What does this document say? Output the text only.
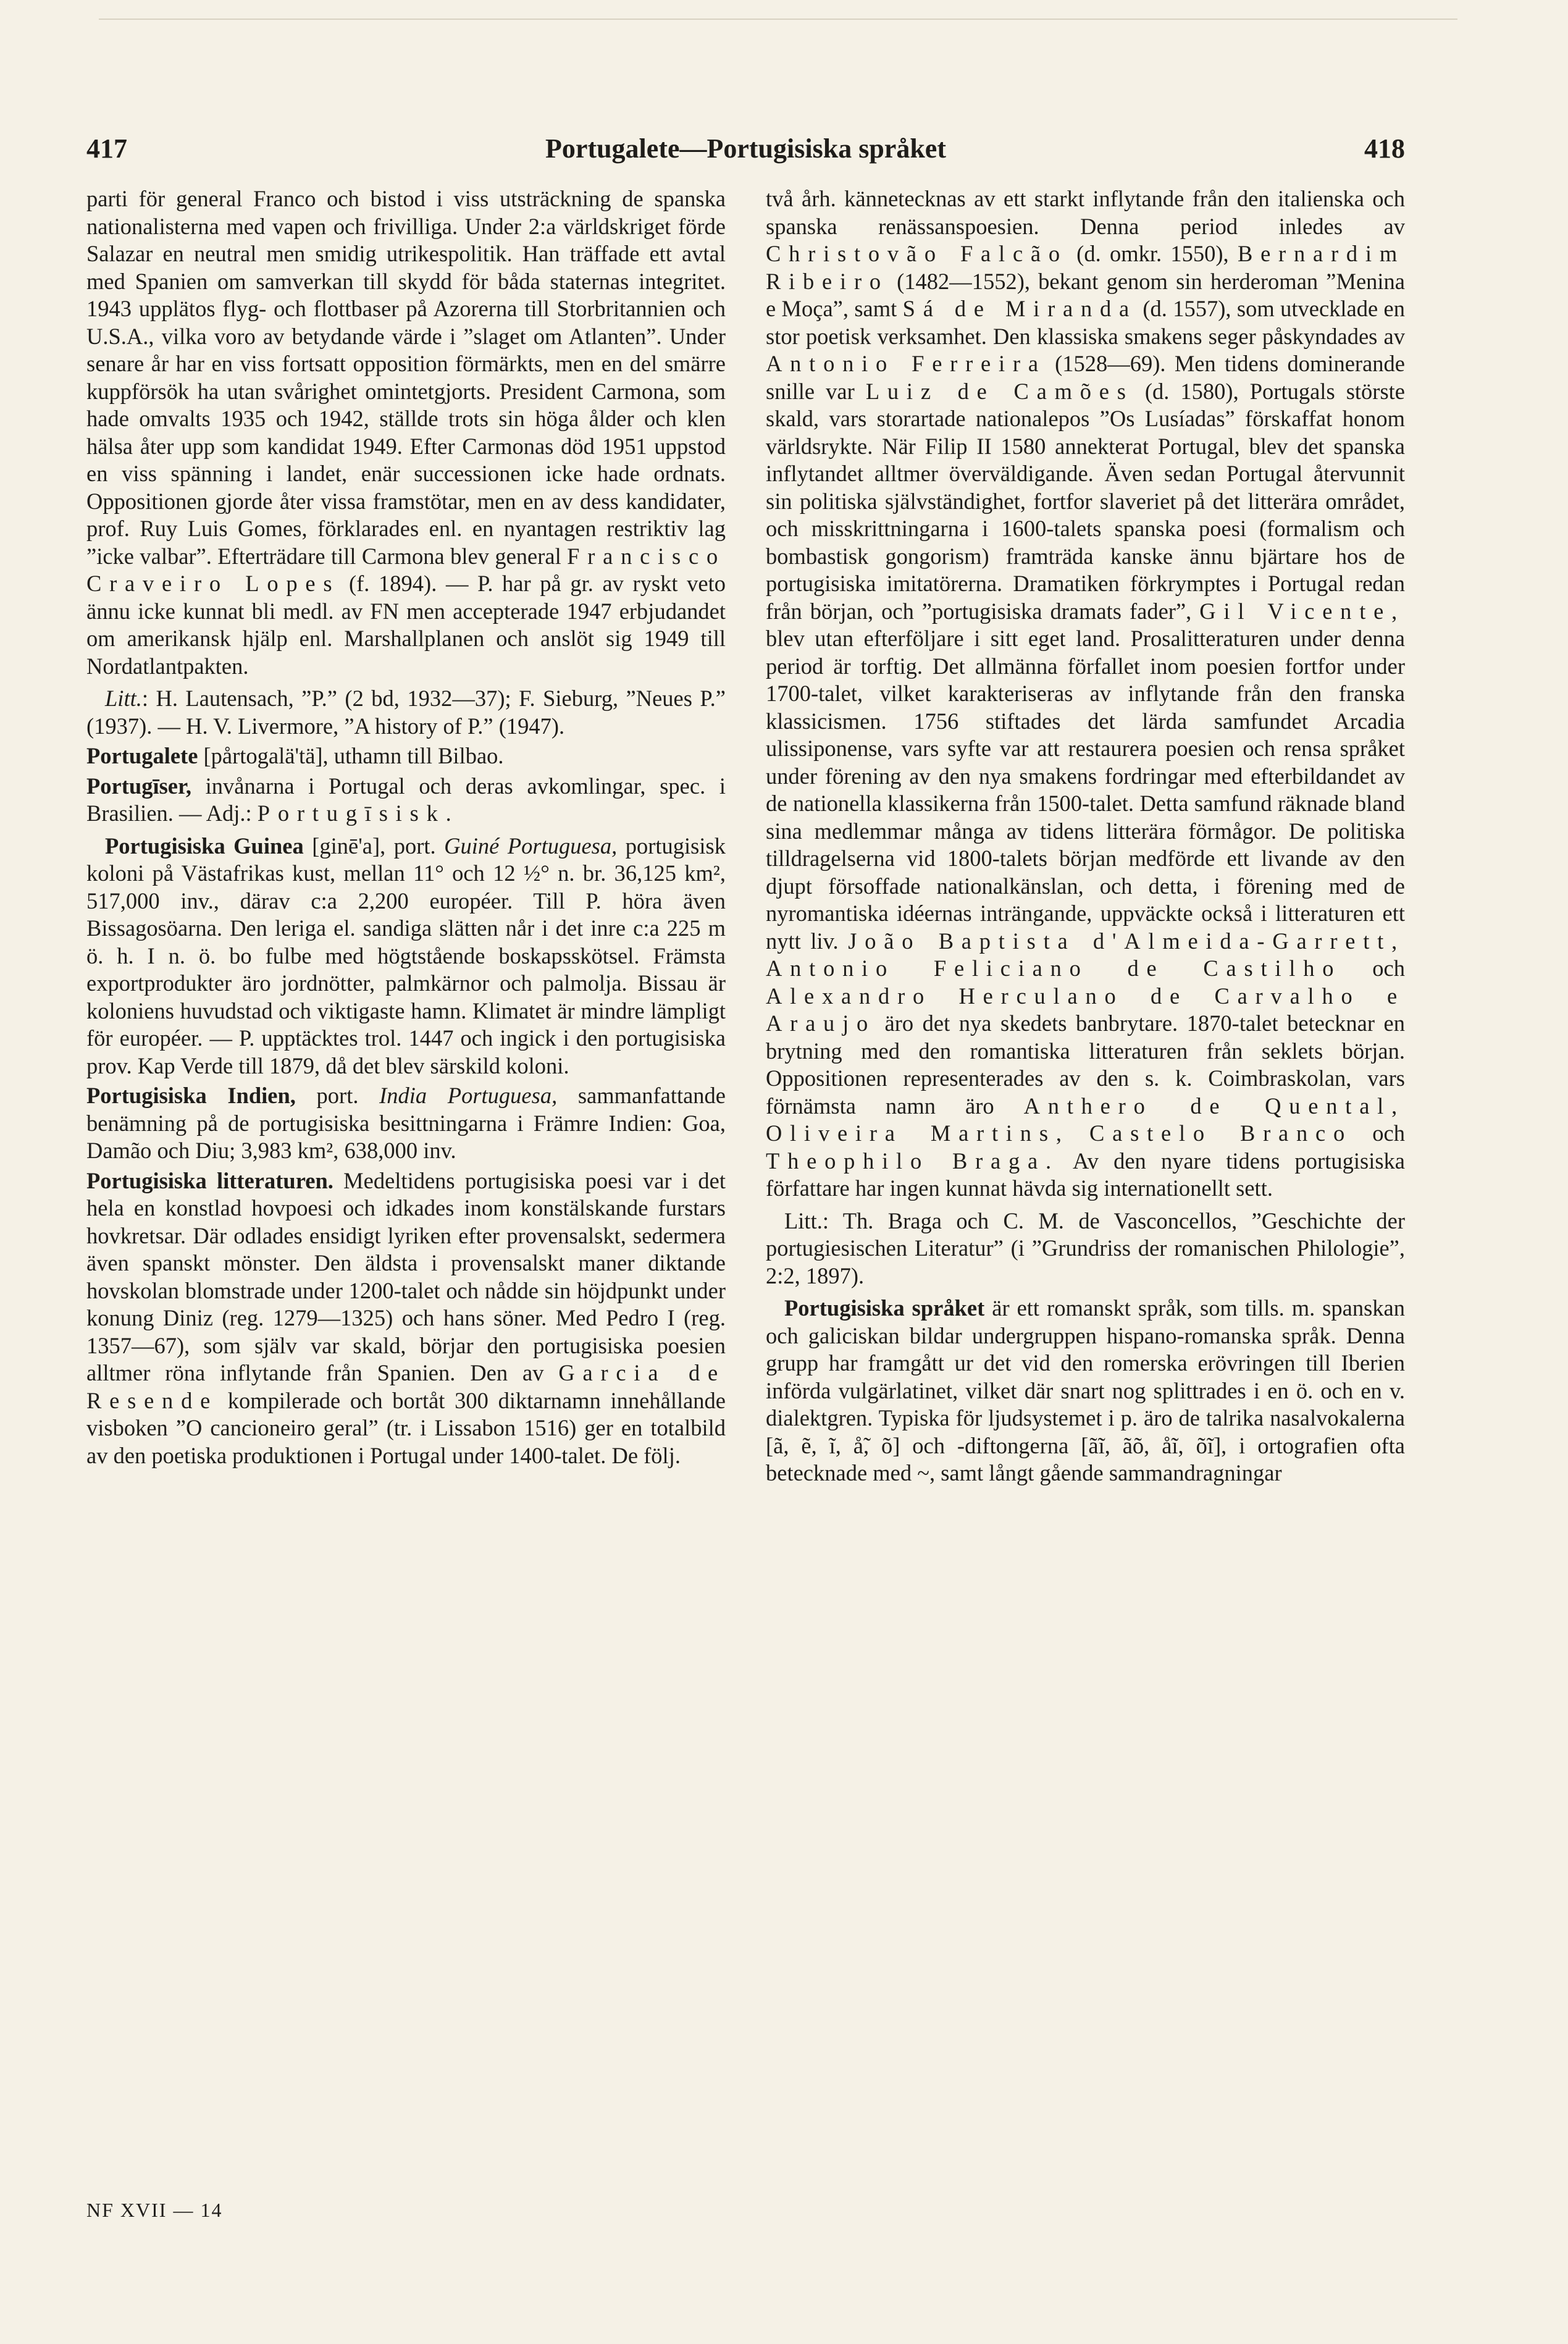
417	Portugalete—Portugisiska språket	418

parti för general Franco och bistod i viss utsträckning de spanska nationalisterna med vapen och frivilliga. Under 2:a världskriget förde Salazar en neutral men smidig utrikespolitik. Han träffade ett avtal med Spanien om samverkan till skydd för båda staternas integritet. 1943 upplätos flyg- och flottbaser på Azorerna till Storbritannien och U.S.A., vilka voro av betydande värde i ”slaget om Atlanten”. Under senare år har en viss fortsatt opposition förmärkts, men en del smärre kuppförsök ha utan svårighet omintetgjorts. President Carmona, som hade omvalts 1935 och 1942, ställde trots sin höga ålder och klen hälsa åter upp som kandidat 1949. Efter Carmonas död 1951 uppstod en viss spänning i landet, enär successionen icke hade ordnats. Oppositionen gjorde åter vissa framstötar, men en av dess kandidater, prof. Ruy Luis Gomes, förklarades enl. en nyantagen restriktiv lag ”icke valbar”. Efterträdare till Carmona blev general Francisco Craveiro Lopes (f. 1894). — P. har på gr. av ryskt veto ännu icke kunnat bli medl. av FN men accepterade 1947 erbjudandet om amerikansk hjälp enl. Marshallplanen och anslöt sig 1949 till Nordatlantpakten.

Litt.: H. Lautensach, ”P.” (2 bd, 1932—37); F. Sieburg, ”Neues P.” (1937). — H. V. Livermore, ”A history of P.” (1947).

Portugalete [pårtogalä'tä], uthamn till Bilbao.

Portugīser, invånarna i Portugal och deras avkomlingar, spec. i Brasilien. — Adj.: Portugīsisk.

Portugisiska Guinea [ginē'a], port. Guiné Portuguesa, portugisisk koloni på Västafrikas kust, mellan 11° och 12 ½° n. br. 36,125 km², 517,000 inv., därav c:a 2,200 européer. Till P. höra även Bissagosöarna. Den leriga el. sandiga slätten når i det inre c:a 225 m ö. h. I n. ö. bo fulbe med högtstående boskapsskötsel. Främsta exportprodukter äro jordnötter, palmkärnor och palmolja. Bissau är koloniens huvudstad och viktigaste hamn. Klimatet är mindre lämpligt för européer. — P. upptäcktes trol. 1447 och ingick i den portugisiska prov. Kap Verde till 1879, då det blev särskild koloni.

Portugisiska Indien, port. India Portuguesa, sammanfattande benämning på de portugisiska besittningarna i Främre Indien: Goa, Damão och Diu; 3,983 km², 638,000 inv.

Portugisiska litteraturen. Medeltidens portugisiska poesi var i det hela en konstlad hovpoesi och idkades inom konstälskande furstars hovkretsar. Där odlades ensidigt lyriken efter provensalskt, sedermera även spanskt mönster. Den äldsta i provensalskt maner diktande hovskolan blomstrade under 1200-talet och nådde sin höjdpunkt under konung Diniz (reg. 1279—1325) och hans söner. Med Pedro I (reg. 1357—67), som själv var skald, börjar den portugisiska poesien alltmer röna inflytande från Spanien. Den av Garcia de Resende kompilerade och bortåt 300 diktarnamn innehållande visboken ”O cancioneiro geral” (tr. i Lissabon 1516) ger en totalbild av den poetiska produktionen i Portugal under 1400-talet. De följ.

två årh. kännetecknas av ett starkt inflytande från den italienska och spanska renässanspoesien. Denna period inledes av Christovão Falcão (d. omkr. 1550), Bernardim Ribeiro (1482—1552), bekant genom sin herderoman ”Menina e Moça”, samt Sá de Miranda (d. 1557), som utvecklade en stor poetisk verksamhet. Den klassiska smakens seger påskyndades av Antonio Ferreira (1528—69). Men tidens dominerande snille var Luiz de Camões (d. 1580), Portugals störste skald, vars storartade nationalepos ”Os Lusíadas” förskaffat honom världsrykte. När Filip II 1580 annekterat Portugal, blev det spanska inflytandet alltmer överväldigande. Även sedan Portugal återvunnit sin politiska självständighet, fortfor slaveriet på det litterära området, och misskrittningarna i 1600-talets spanska poesi (formalism och bombastisk gongorism) framträda kanske ännu bjärtare hos de portugisiska imitatörerna. Dramatiken förkrymptes i Portugal redan från början, och ”portugisiska dramats fader”, Gil Vicente, blev utan efterföljare i sitt eget land. Prosalitteraturen under denna period är torftig. Det allmänna förfallet inom poesien fortfor under 1700-talet, vilket karakteriseras av inflytande från den franska klassicismen. 1756 stiftades det lärda samfundet Arcadia ulissiponense, vars syfte var att restaurera poesien och rensa språket under förening av den nya smakens fordringar med efterbildandet av de nationella klassikerna från 1500-talet. Detta samfund räknade bland sina medlemmar många av tidens litterära förmågor. De politiska tilldragelserna vid 1800-talets början medförde ett livande av den djupt försoffade nationalkänslan, och detta, i förening med de nyromantiska idéernas inträngande, uppväckte också i litteraturen ett nytt liv. João Baptista d'Almeida-Garrett, Antonio Feliciano de Castilho och Alexandro Herculano de Carvalho e Araujo äro det nya skedets banbrytare. 1870-talet betecknar en brytning med den romantiska litteraturen från seklets början. Oppositionen representerades av den s. k. Coimbraskolan, vars förnämsta namn äro Anthero de Quental, Oliveira Martins, Castelo Branco och Theophilo Braga. Av den nyare tidens portugisiska författare har ingen kunnat hävda sig internationellt sett.

Litt.: Th. Braga och C. M. de Vasconcellos, ”Geschichte der portugiesischen Literatur” (i ”Grundriss der romanischen Philologie”, 2:2, 1897).

Portugisiska språket är ett romanskt språk, som tills. m. spanskan och galiciskan bildar undergruppen hispano-romanska språk. Denna grupp har framgått ur det vid den romerska erövringen till Iberien införda vulgärlatinet, vilket där snart nog splittrades i en ö. och en v. dialektgren. Typiska för ljudsystemet i p. äro de talrika nasalvokalerna [ã, ẽ, ĩ, å̃, õ] och -diftongerna [ãĩ, ãõ, åĩ, õĩ], i ortografien ofta betecknade med ~, samt långt gående sammandragningar

NF XVII — 14
